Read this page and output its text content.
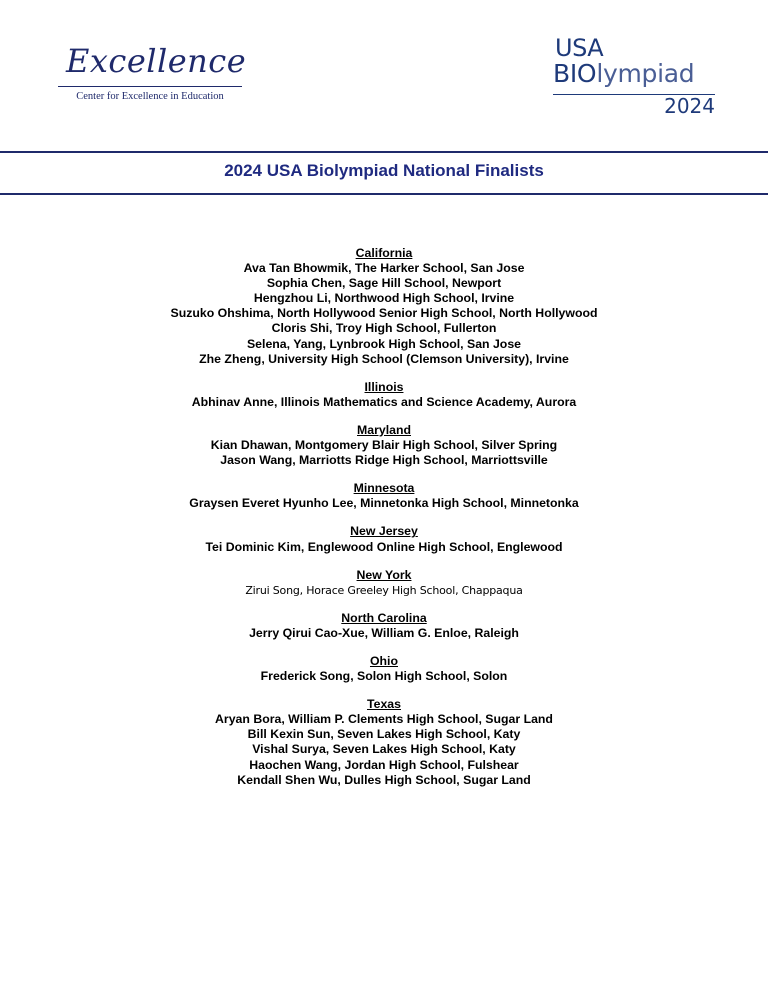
Excellence
Center for Excellence in Education
USA
BIOlympiad
2024
2024 USA Biolympiad National Finalists
California
Ava Tan Bhowmik, The Harker School, San Jose
Sophia Chen, Sage Hill School, Newport
Hengzhou Li, Northwood High School, Irvine
Suzuko Ohshima, North Hollywood Senior High School, North Hollywood
Cloris Shi, Troy High School, Fullerton
Selena, Yang, Lynbrook High School, San Jose
Zhe Zheng, University High School (Clemson University), Irvine
Illinois
Abhinav Anne, Illinois Mathematics and Science Academy, Aurora
Maryland
Kian Dhawan, Montgomery Blair High School, Silver Spring
Jason Wang, Marriotts Ridge High School, Marriottsville
Minnesota
Graysen Everet Hyunho Lee, Minnetonka High School, Minnetonka
New Jersey
Tei Dominic Kim, Englewood Online High School, Englewood
New York
Zirui Song, Horace Greeley High School, Chappaqua
North Carolina
Jerry Qirui Cao-Xue, William G. Enloe, Raleigh
Ohio
Frederick Song, Solon High School, Solon
Texas
Aryan Bora, William P. Clements High School, Sugar Land
Bill Kexin Sun, Seven Lakes High School, Katy
Vishal Surya, Seven Lakes High School, Katy
Haochen Wang, Jordan High School, Fulshear
Kendall Shen Wu, Dulles High School, Sugar Land
